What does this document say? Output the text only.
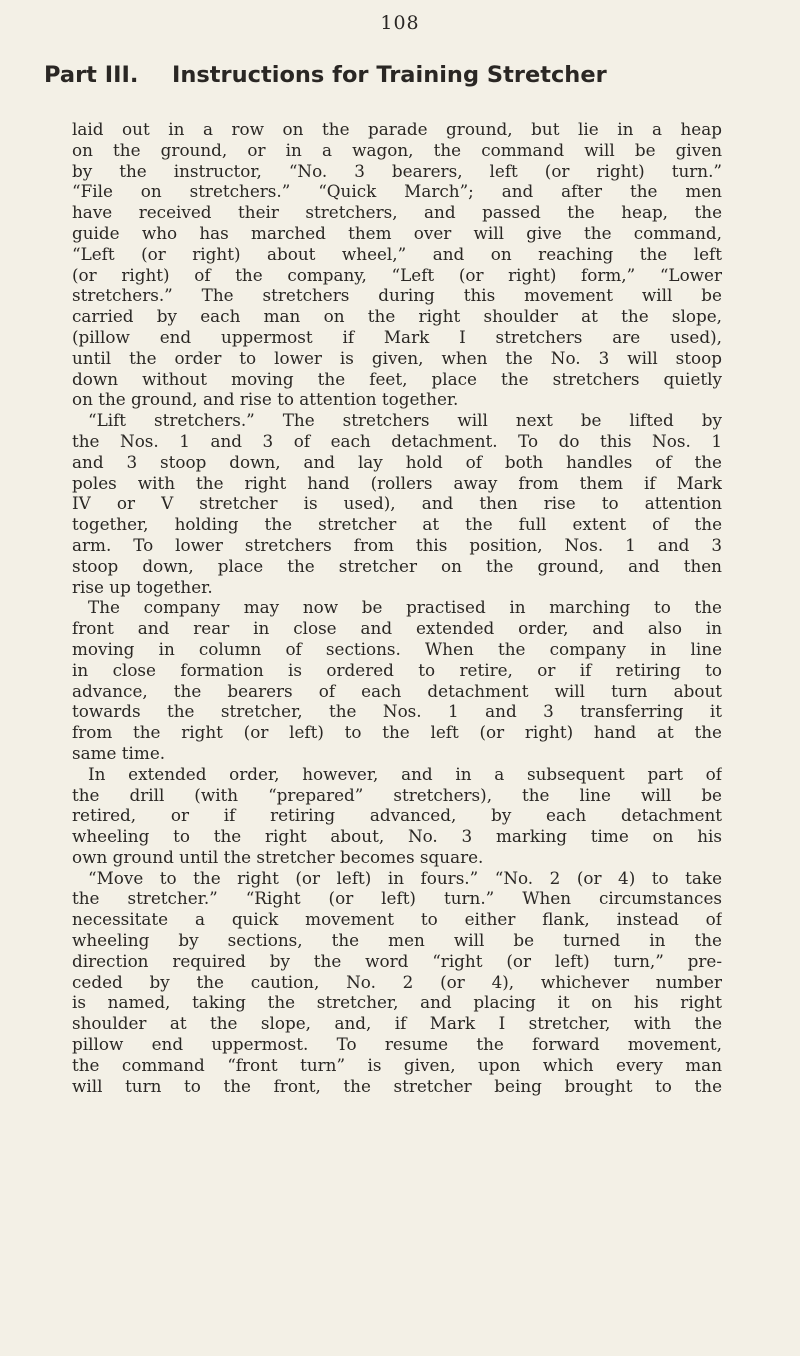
108
Part III. Instructions for Training Stretcher
laid out in a row on the parade ground, but lie in a heap
on the ground, or in a wagon, the command will be given
by the instructor, “No. 3 bearers, left (or right) turn.”
“File on stretchers.” “Quick March”; and after the men
have received their stretchers, and passed the heap, the
guide who has marched them over will give the command,
“Left (or right) about wheel,” and on reaching the left
(or right) of the company, “Left (or right) form,” “Lower
stretchers.” The stretchers during this movement will be
carried by each man on the right shoulder at the slope,
(pillow end uppermost if Mark I stretchers are used),
until the order to lower is given, when the No. 3 will stoop
down without moving the feet, place the stretchers quietly
on the ground, and rise to attention together.
“Lift stretchers.” The stretchers will next be lifted by
the Nos. 1 and 3 of each detachment. To do this Nos. 1
and 3 stoop down, and lay hold of both handles of the
poles with the right hand (rollers away from them if Mark
IV or V stretcher is used), and then rise to attention
together, holding the stretcher at the full extent of the
arm. To lower stretchers from this position, Nos. 1 and 3
stoop down, place the stretcher on the ground, and then
rise up together.
The company may now be practised in marching to the
front and rear in close and extended order, and also in
moving in column of sections. When the company in line
in close formation is ordered to retire, or if retiring to
advance, the bearers of each detachment will turn about
towards the stretcher, the Nos. 1 and 3 transferring it
from the right (or left) to the left (or right) hand at the
same time.
In extended order, however, and in a subsequent part of
the drill (with “prepared” stretchers), the line will be
retired, or if retiring advanced, by each detachment
wheeling to the right about, No. 3 marking time on his
own ground until the stretcher becomes square.
“Move to the right (or left) in fours.” “No. 2 (or 4) to take
the stretcher.” “Right (or left) turn.” When circumstances
necessitate a quick movement to either flank, instead of
wheeling by sections, the men will be turned in the
direction required by the word “right (or left) turn,” pre-
ceded by the caution, No. 2 (or 4), whichever number
is named, taking the stretcher, and placing it on his right
shoulder at the slope, and, if Mark I stretcher, with the
pillow end uppermost. To resume the forward movement,
the command “front turn” is given, upon which every man
will turn to the front, the stretcher being brought to the
